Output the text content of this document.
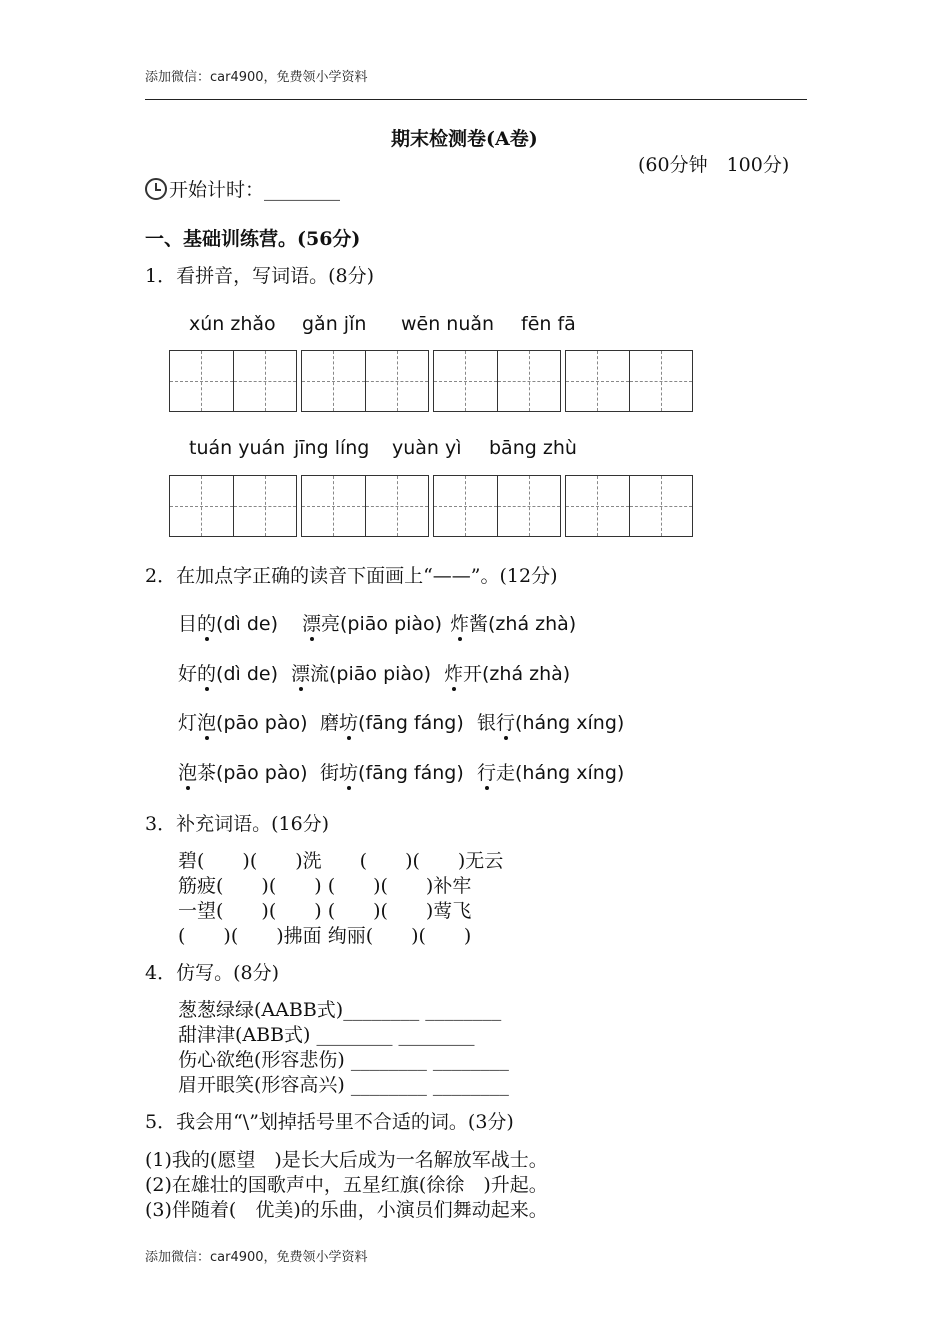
添加微信：car4900，免费领小学资料
期末检测卷(A卷)
(60分钟　100分)
开始计时：________
一、基础训练营。(56分)
1．看拼音，写词语。(8分)
xún zhǎo gǎn jǐn wēn nuǎn fēn fā
tuán yuán jīng líng yuàn yì bāng zhù
2．在加点字正确的读音下面画上“——”。(12分)
目的(dì de) 漂亮(piāo piào) 炸酱(zhá zhà)
好的(dì de) 漂流(piāo piào) 炸开(zhá zhà)
灯泡(pāo pào) 磨坊(fāng fáng) 银行(háng xíng)
泡茶(pāo pào) 街坊(fāng fáng) 行走(háng xíng)
3．补充词语。(16分)
碧(　　)(　　)洗　　(　　)(　　)无云
筋疲(　　)(　　) (　　)(　　)补牢
一望(　　)(　　) (　　)(　　)莺飞
(　　)(　　)拂面 绚丽(　　)(　　)
4．仿写。(8分)
葱葱绿绿(AABB式)________ ________
甜津津(ABB式) ________ ________
伤心欲绝(形容悲伤) ________ ________
眉开眼笑(形容高兴) ________ ________
5．我会用“\”划掉括号里不合适的词。(3分)
(1)我的(愿望　)是长大后成为一名解放军战士。
(2)在雄壮的国歌声中，五星红旗(徐徐　)升起。
(3)伴随着(　优美)的乐曲，小演员们舞动起来。
添加微信：car4900，免费领小学资料
